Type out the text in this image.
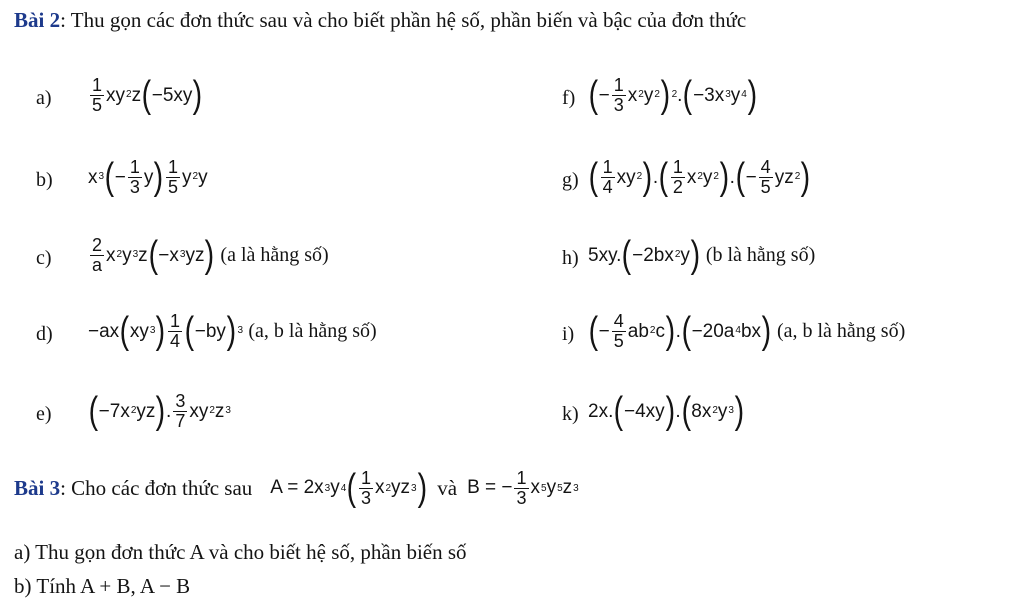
Bài 2: Thu gọn các đơn thức sau và cho biết phần hệ số, phần biến và bậc của đơn thức
$a) \frac{1}{5}$ xy 2 z ( −5xy )
b) x 3 ( − $\frac{1}{3}$ y ) $\frac{1}{5}$ y 2 y
$c) \frac{2}{a}$ x 2 y 3 z ( −x 3 yz )
(a là hằng số)
d) −ax ( xy 3 ) $\frac{1}{4}$ ( −by ) 3
(a, b là hằng số)
e) ( −7x 2 yz ) . $\frac{3}{7}$ xy 2 z 3
f) ( − $\frac{1}{3}$ x 2 y 2 ) 2 . ( −3x 3 y 4 )
g) ( $\frac{1}{4}$ xy 2 ) . ( $\frac{1}{2}$ x 2 y 2 ) . ( − $\frac{4}{5}$ yz 2 )
h) 5xy. ( −2bx 2 y )
(b là hằng số)
i) ( − $\frac{4}{5}$ ab 2 c ) . ( −20a 4 bx )
(a, b là hằng số)
k) 2x. ( −4xy ) . ( 8x 2 y 3 )
Bài 3 : Cho các đơn thức sau A = 2x 3 y 4 ( $\frac{1}{3}$ x 2 yz 3 ) và B = − $\frac{1}{3}$ x 5 y 5 z 3
a) Thu gọn đơn thức A và cho biết hệ số, phần biến số
b) Tính A + B, A − B
